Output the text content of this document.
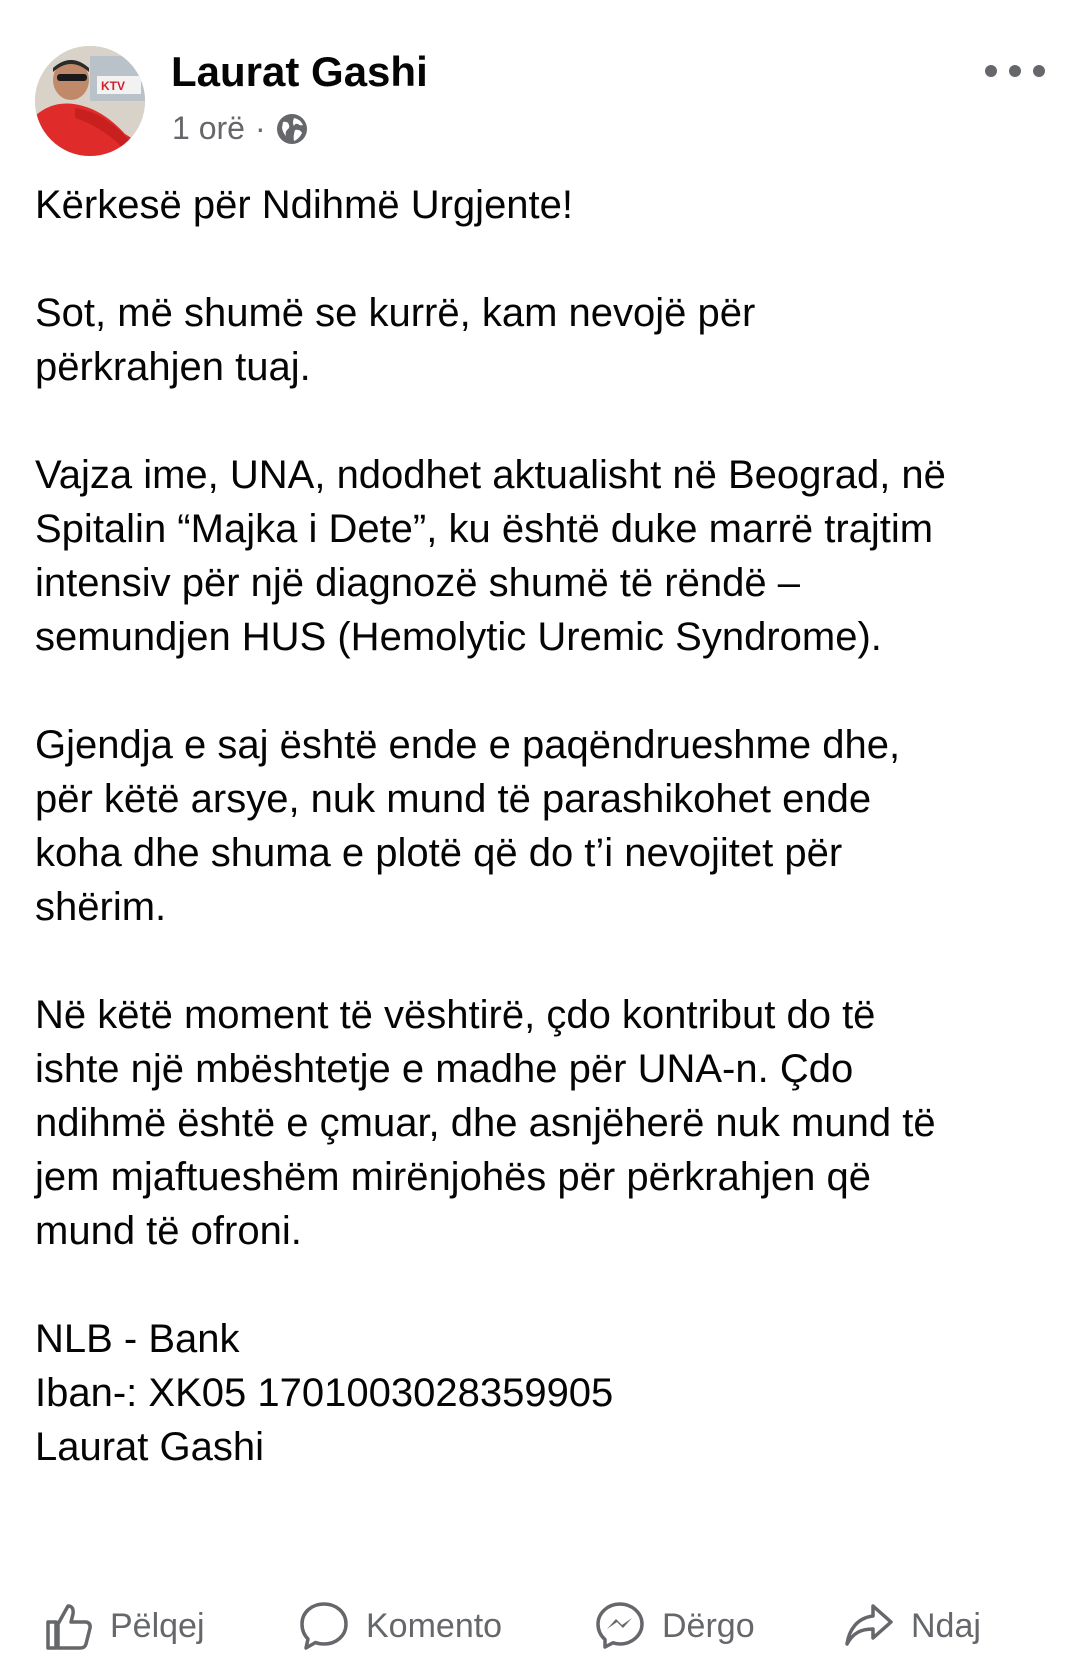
KTV Laurat Gashi
1 orë ·

Kërkesë për Ndihmë Urgjente!

Sot, më shumë se kurrë, kam nevojë për
përkrahjen tuaj.

Vajza ime, UNA, ndodhet aktualisht në Beograd, në
Spitalin “Majka i Dete”, ku është duke marrë trajtim
intensiv për një diagnozë shumë të rëndë –
semundjen HUS (Hemolytic Uremic Syndrome).

Gjendja e saj është ende e paqëndrueshme dhe,
për këtë arsye, nuk mund të parashikohet ende
koha dhe shuma e plotë që do t’i nevojitet për
shërim.

Në këtë moment të vështirë, çdo kontribut do të
ishte një mbështetje e madhe për UNA-n. Çdo
ndihmë është e çmuar, dhe asnjëherë nuk mund të
jem mjaftueshëm mirënjohës për përkrahjen që
mund të ofroni.

NLB - Bank
Iban-: XK05 1701003028359905
Laurat Gashi

Pëlqej	Komento	Dërgo	Ndaj
